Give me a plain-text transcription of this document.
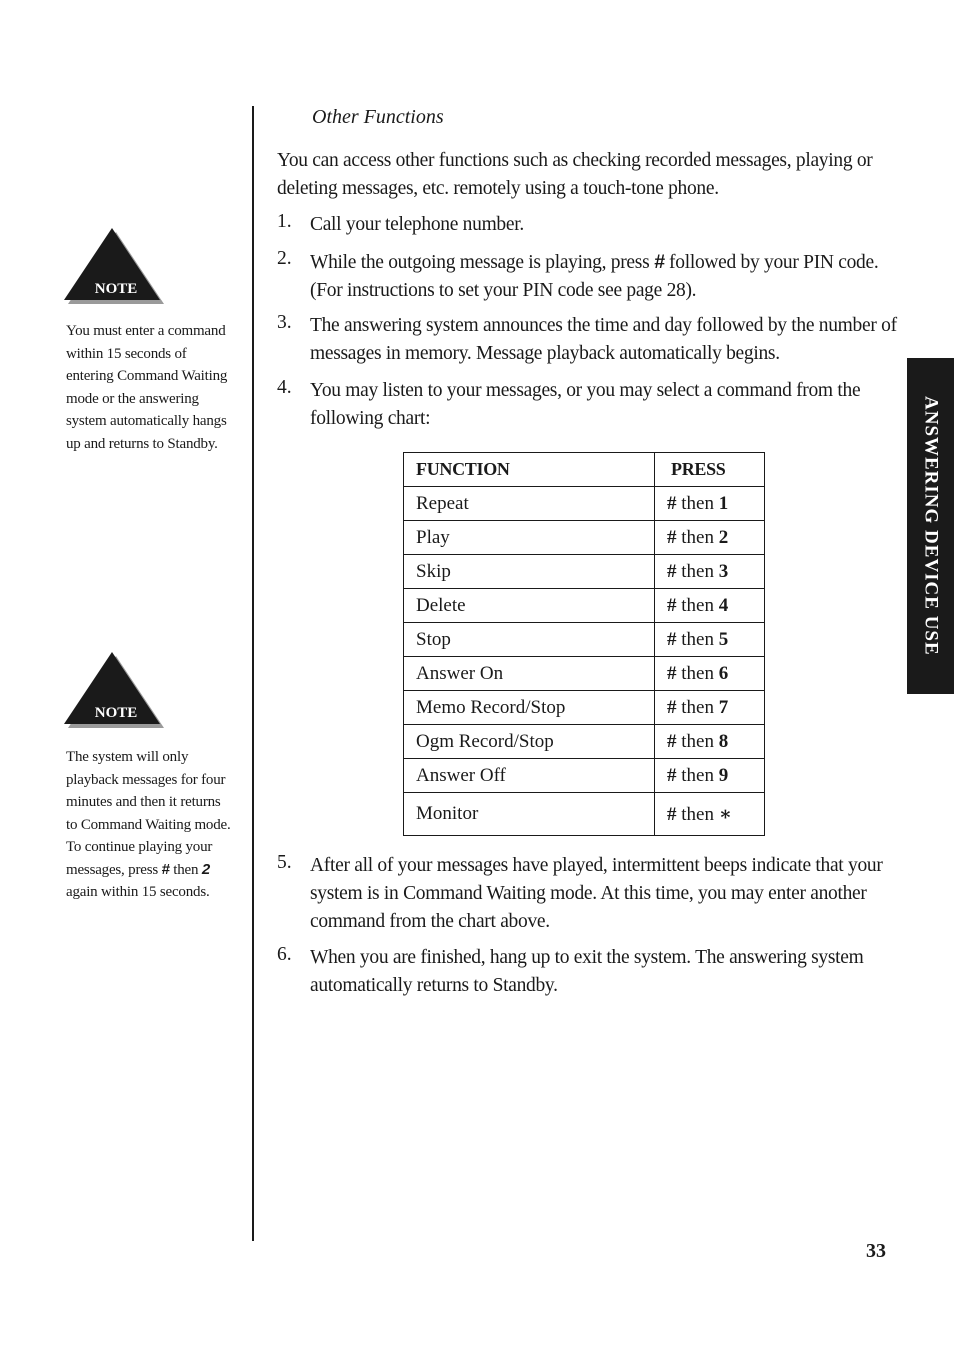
ANSWERING DEVICE USE
NOTE
You must enter a command
within 15 seconds of
entering Command Waiting
mode or the answering
system automatically hangs
up and returns to Standby.
NOTE
The system will only
playback messages for four
minutes and then it returns
to Command Waiting mode.
To continue playing your
messages, press # then 2
again within 15 seconds.
Other Functions
You can access other functions such as checking recorded messages, playing or
deleting messages, etc. remotely using a touch-tone phone.
1. Call your telephone number.
2. While the outgoing message is playing, press # followed by your PIN code.
(For instructions to set your PIN code see page 28).
3. The answering system announces the time and day followed by the number of
messages in memory. Message playback automatically begins.
4. You may listen to your messages, or you may select a command from the
following chart:
FUNCTION	PRESS
Repeat	# then 1
Play	# then 2
Skip	# then 3
Delete	# then 4
Stop	# then 5
Answer On	# then 6
Memo Record/Stop	# then 7
Ogm Record/Stop	# then 8
Answer Off	# then 9
Monitor	# then ∗
5. After all of your messages have played, intermittent beeps indicate that your
system is in Command Waiting mode. At this time, you may enter another
command from the chart above.
6. When you are finished, hang up to exit the system. The answering system
automatically returns to Standby.
33
